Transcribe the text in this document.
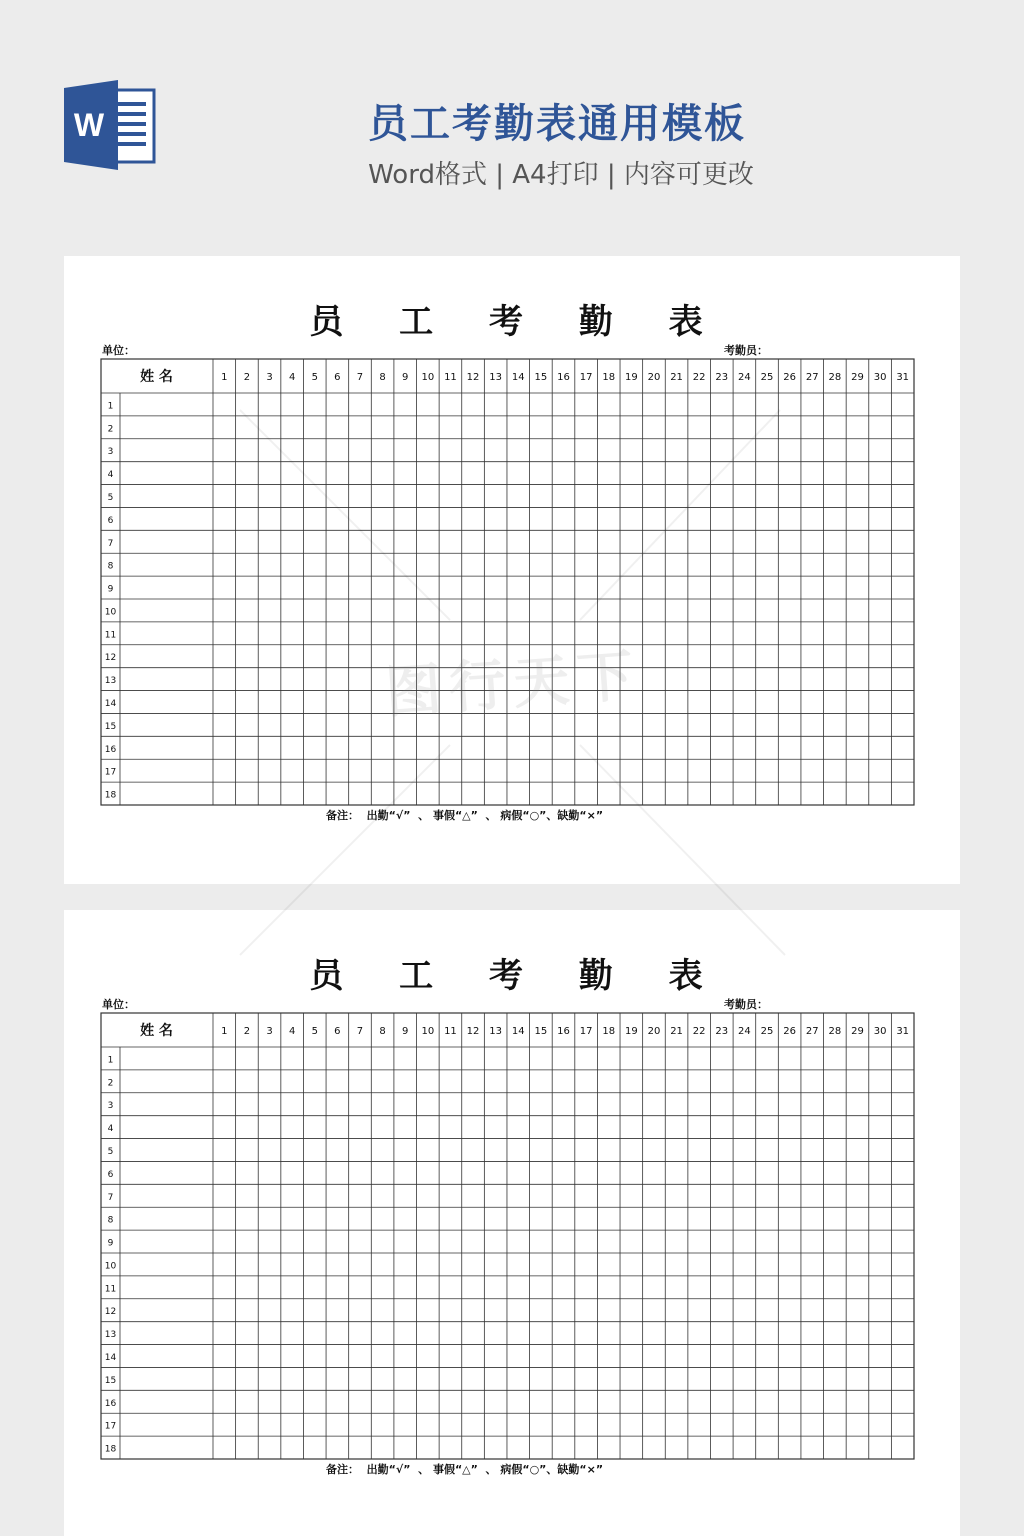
W	员工考勤表通用模板
Word格式 | A4打印 | 内容可更改
员 工 考 勤 表
单位：	考勤员：
姓 名	1 2 3 4 5 6 7 8 9 10 11 12 13 14 15 16 17 18 19 20 21 22 23 24 25 26 27 28 29 30 31
1
2
3
4
5
6
7
8
9
10
11
12
13
14
15
16
17
18
备注：  出勤“√”  、 事假“△”  、 病假“○”、缺勤“×”
员 工 考 勤 表
单位：	考勤员：
姓 名	1 2 3 4 5 6 7 8 9 10 11 12 13 14 15 16 17 18 19 20 21 22 23 24 25 26 27 28 29 30 31
1
2
3
4
5
6
7
8
9
10
11
12
13
14
15
16
17
18
备注：  出勤“√”  、 事假“△”  、 病假“○”、缺勤“×”
图行天下
